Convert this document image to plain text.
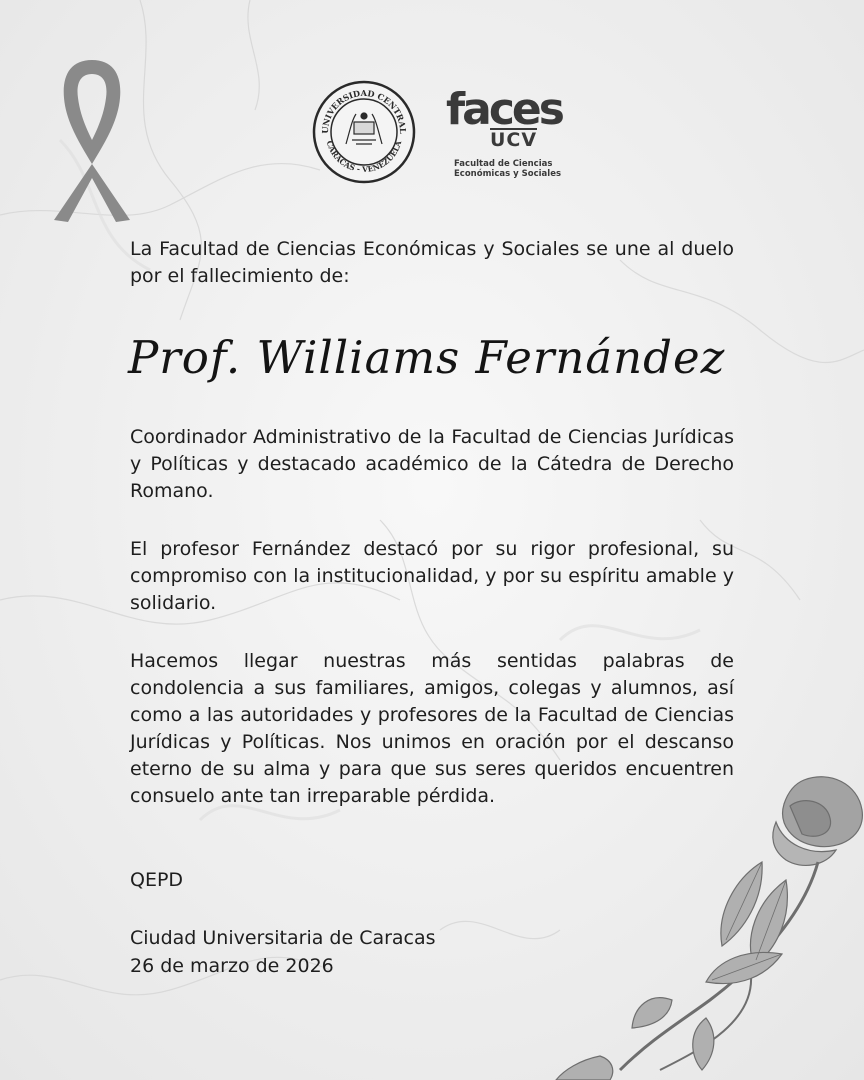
UNIVERSIDAD CENTRAL
CARACAS - VENEZUELA
faces
UCV
Facultad de Ciencias
Económicas y Sociales

La Facultad de Ciencias Económicas y Sociales se une al duelo por el fallecimiento de:

Prof. Williams Fernández

Coordinador Administrativo de la Facultad de Ciencias Jurídicas y Políticas y destacado académico de la Cátedra de Derecho Romano.

El profesor Fernández destacó por su rigor profesional, su compromiso con la institucionalidad, y por su espíritu amable y solidario.

Hacemos llegar nuestras más sentidas palabras de condolencia a sus familiares, amigos, colegas y alumnos, así como a las autoridades y profesores de la Facultad de Ciencias Jurídicas y Políticas. Nos unimos en oración por el descanso eterno de su alma y para que sus seres queridos encuentren consuelo ante tan irreparable pérdida.

QEPD

Ciudad Universitaria de Caracas

26 de marzo de 2026
